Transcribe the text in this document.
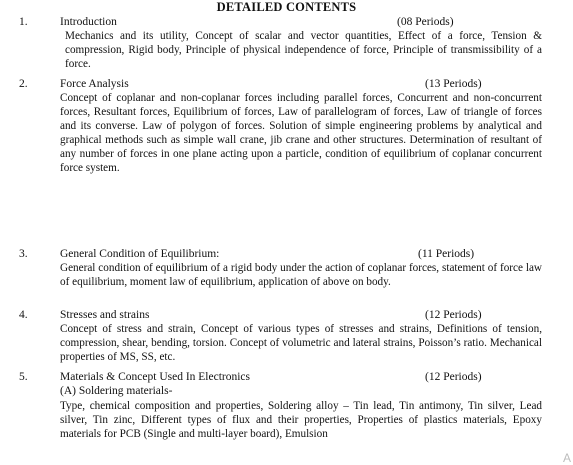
DETAILED CONTENTS
1.	Introduction	(08 Periods)
Mechanics and its utility, Concept of scalar and vector quantities, Effect of a force, Tension & compression, Rigid body, Principle of physical independence of force, Principle of transmissibility of a force.
2.	Force Analysis	(13 Periods)
Concept of coplanar and non-coplanar forces including parallel forces, Concurrent and non-concurrent forces, Resultant forces, Equilibrium of forces, Law of parallelogram of forces, Law of triangle of forces and its converse. Law of polygon of forces. Solution of simple engineering problems by analytical and graphical methods such as simple wall crane, jib crane and other structures. Determination of resultant of any number of forces in one plane acting upon a particle, condition of equilibrium of coplanar concurrent force system.
3.	General Condition of Equilibrium:	(11 Periods)
General condition of equilibrium of a rigid body under the action of coplanar forces, statement of force law of equilibrium, moment law of equilibrium, application of above on body.
4.	Stresses and strains	(12 Periods)
Concept of stress and strain, Concept of various types of stresses and strains, Definitions of tension, compression, shear, bending, torsion. Concept of volumetric and lateral strains, Poisson’s ratio. Mechanical properties of MS, SS, etc.
5.	Materials & Concept Used In Electronics	(12 Periods)
(A) Soldering materials-
Type, chemical composition and properties, Soldering alloy – Tin lead, Tin antimony, Tin silver, Lead silver, Tin zinc, Different types of flux and their properties, Properties of plastics materials, Epoxy materials for PCB (Single and multi-layer board), Emulsion
A
